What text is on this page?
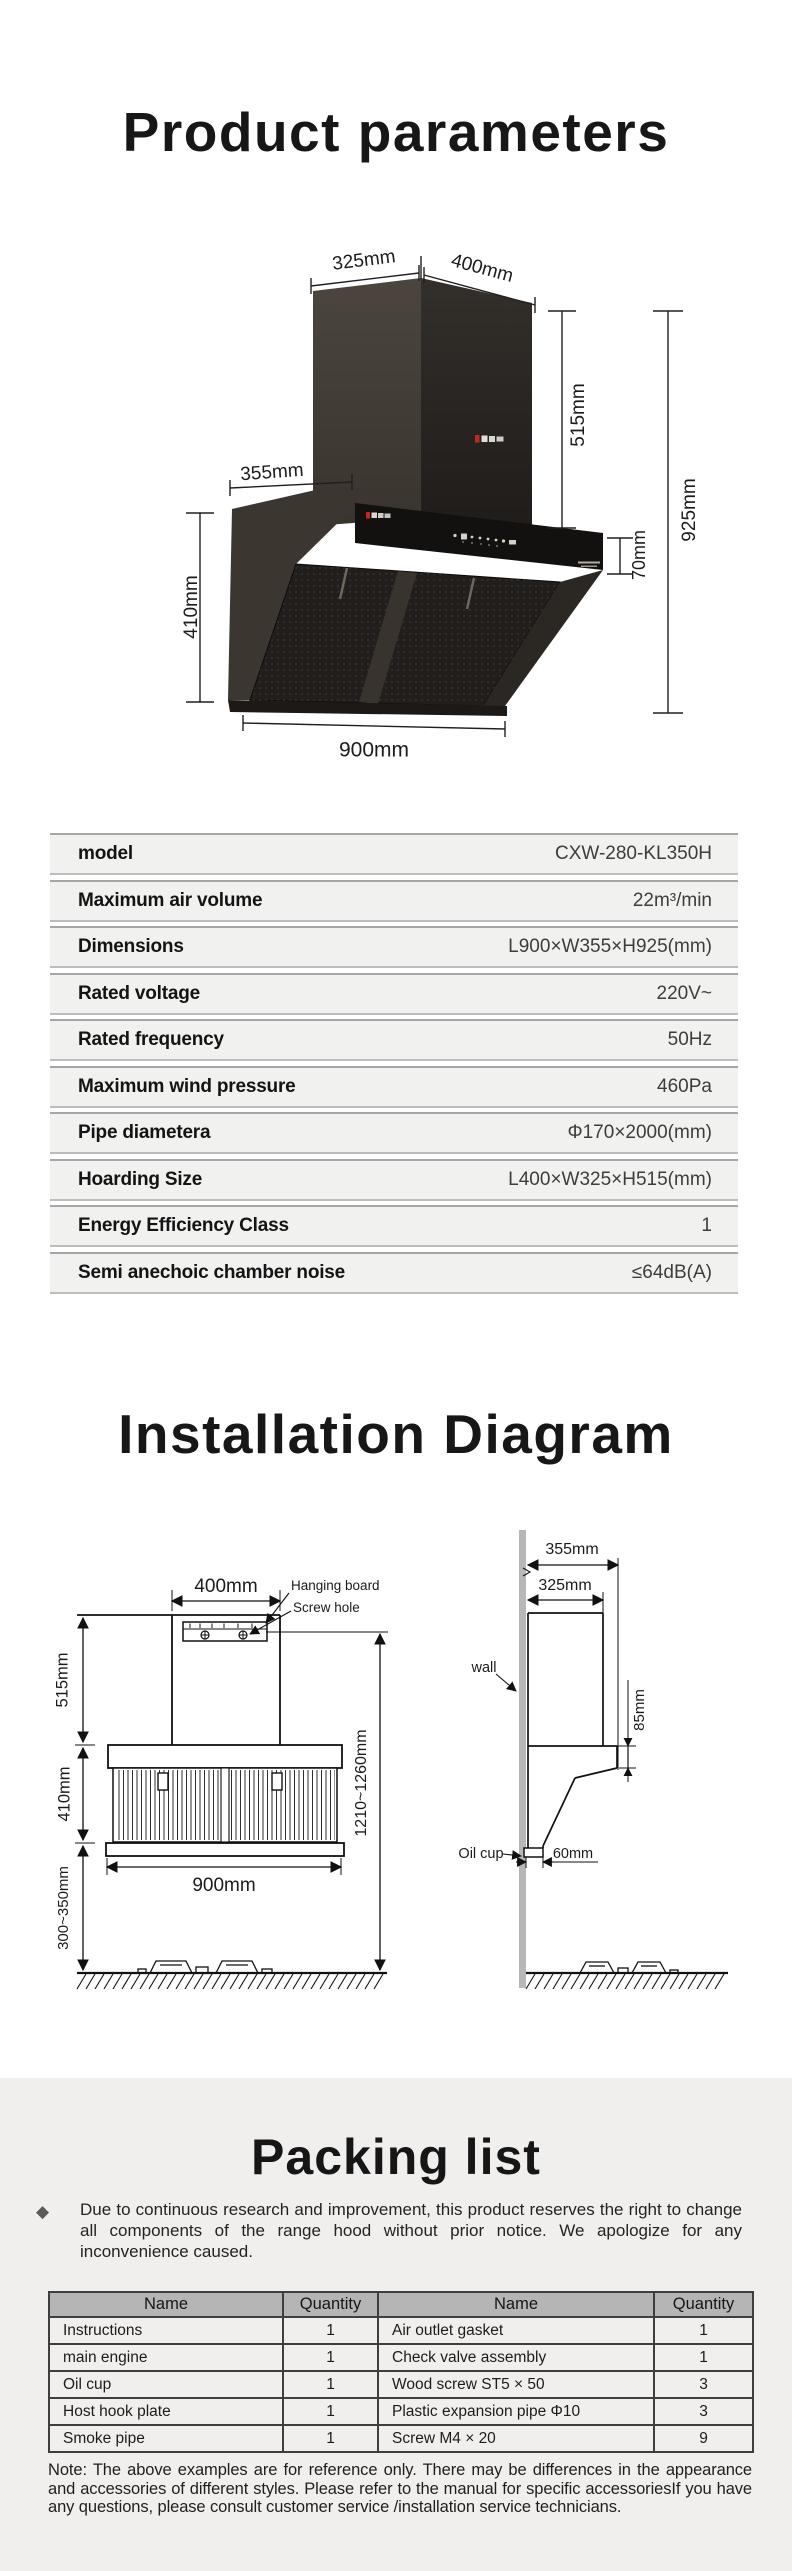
Product parameters
325mm	400mm
515mm
925mm
355mm
410mm
70mm
900mm
model	CXW-280-KL350H
Maximum air volume	22m³/min
Dimensions	L900×W355×H925(mm)
Rated voltage	220V~
Rated frequency	50Hz
Maximum wind pressure	460Pa
Pipe diametera	Φ170×2000(mm)
Hoarding Size	L400×W325×H515(mm)
Energy Efficiency Class	1
Semi anechoic chamber noise	≤64dB(A)
Installation Diagram
400mm Hanging board
Screw hole
515mm
410mm
300~350mm	900mm
1210~1260mm
355mm
325mm
wall
85mm
Oil cup	60mm
Packing list
◆ Due to continuous research and improvement, this product reserves the right to change all components of the range hood without prior notice. We apologize for any inconvenience caused.
Name	Quantity	Name	Quantity
Instructions	1	Air outlet gasket	1
main engine	1	Check valve assembly	1
Oil cup	1	Wood screw ST5 × 50	3
Host hook plate	1	Plastic expansion pipe Φ10	3
Smoke pipe	1	Screw M4 × 20	9
Note: The above examples are for reference only. There may be differences in the appearance and accessories of different styles. Please refer to the manual for specific accessoriesIf you have any questions, please consult customer service /installation service technicians.
